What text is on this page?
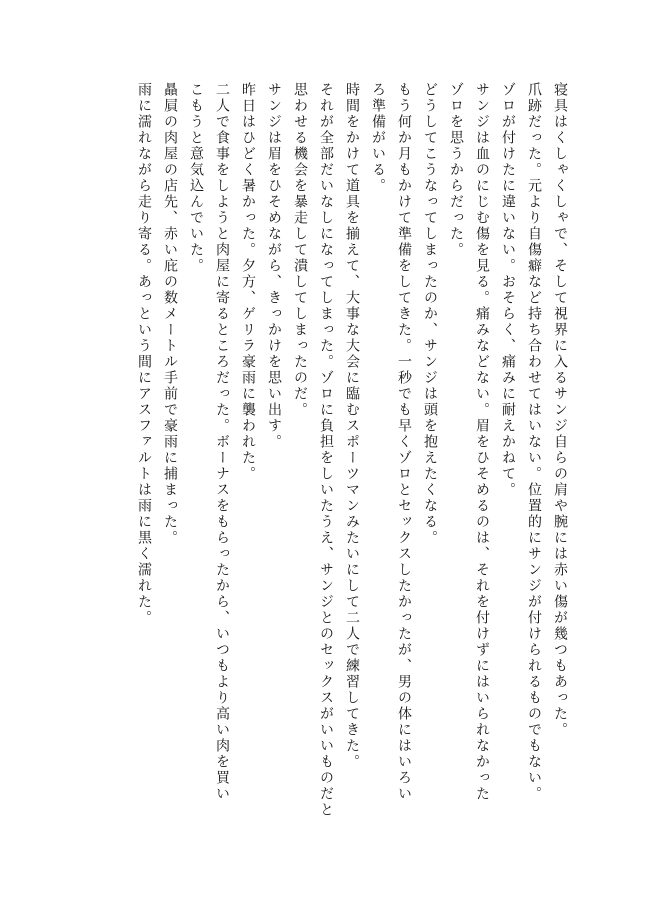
寝具はくしゃくしゃで、そして視界に入るサンジ自らの肩や腕には赤い傷が幾つもあった。
爪跡だった。元より自傷癖など持ち合わせてはいない。位置的にサンジが付けられるものでもない。
ゾロが付けたに違いない。おそらく、痛みに耐えかねて。
サンジは血のにじむ傷を見る。痛みなどない。眉をひそめるのは、それを付けずにはいられなかった
ゾロを思うからだった。
どうしてこうなってしまったのか、サンジは頭を抱えたくなる。
もう何か月もかけて準備をしてきた。一秒でも早くゾロとセックスしたかったが、男の体にはいろい
ろ準備がいる。
時間をかけて道具を揃えて、大事な大会に臨むスポーツマンみたいにして二人で練習してきた。
それが全部だいなしになってしまった。ゾロに負担をしいたうえ、サンジとのセックスがいいものだと
思わせる機会を暴走して潰してしまったのだ。
サンジは眉をひそめながら、きっかけを思い出す。
昨日はひどく暑かった。夕方、ゲリラ豪雨に襲われた。
二人で食事をしようと肉屋に寄るところだった。ボーナスをもらったから、いつもより高い肉を買い
こもうと意気込んでいた。
贔屓の肉屋の店先、赤い庇の数メートル手前で豪雨に捕まった。
雨に濡れながら走り寄る。あっという間にアスファルトは雨に黒く濡れた。
